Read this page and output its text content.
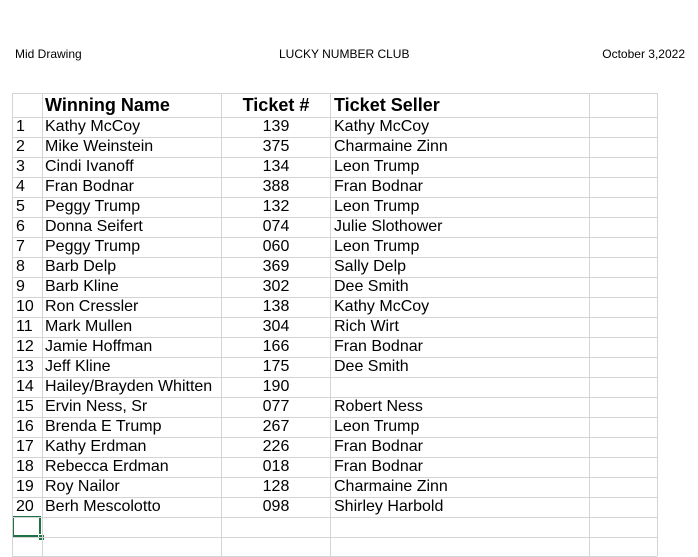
Mid Drawing	LUCKY NUMBER CLUB	October 3,2022
Winning Name	Ticket #	Ticket Seller
1	Kathy McCoy	139	Kathy McCoy
2	Mike Weinstein	375	Charmaine Zinn
3	Cindi Ivanoff	134	Leon Trump
4	Fran Bodnar	388	Fran Bodnar
5	Peggy Trump	132	Leon Trump
6	Donna Seifert	074	Julie Slothower
7	Peggy Trump	060	Leon Trump
8	Barb Delp	369	Sally Delp
9	Barb Kline	302	Dee Smith
10 Ron Cressler	138	Kathy McCoy
11 Mark Mullen	304	Rich Wirt
12 Jamie Hoffman	166	Fran Bodnar
13 Jeff Kline	175	Dee Smith
14 Hailey/Brayden Whitten	190
15 Ervin Ness, Sr	077	Robert Ness
16 Brenda E Trump	267	Leon Trump
17 Kathy Erdman	226	Fran Bodnar
18 Rebecca Erdman	018	Fran Bodnar
19 Roy Nailor	128	Charmaine Zinn
20 Berh Mescolotto	098	Shirley Harbold
